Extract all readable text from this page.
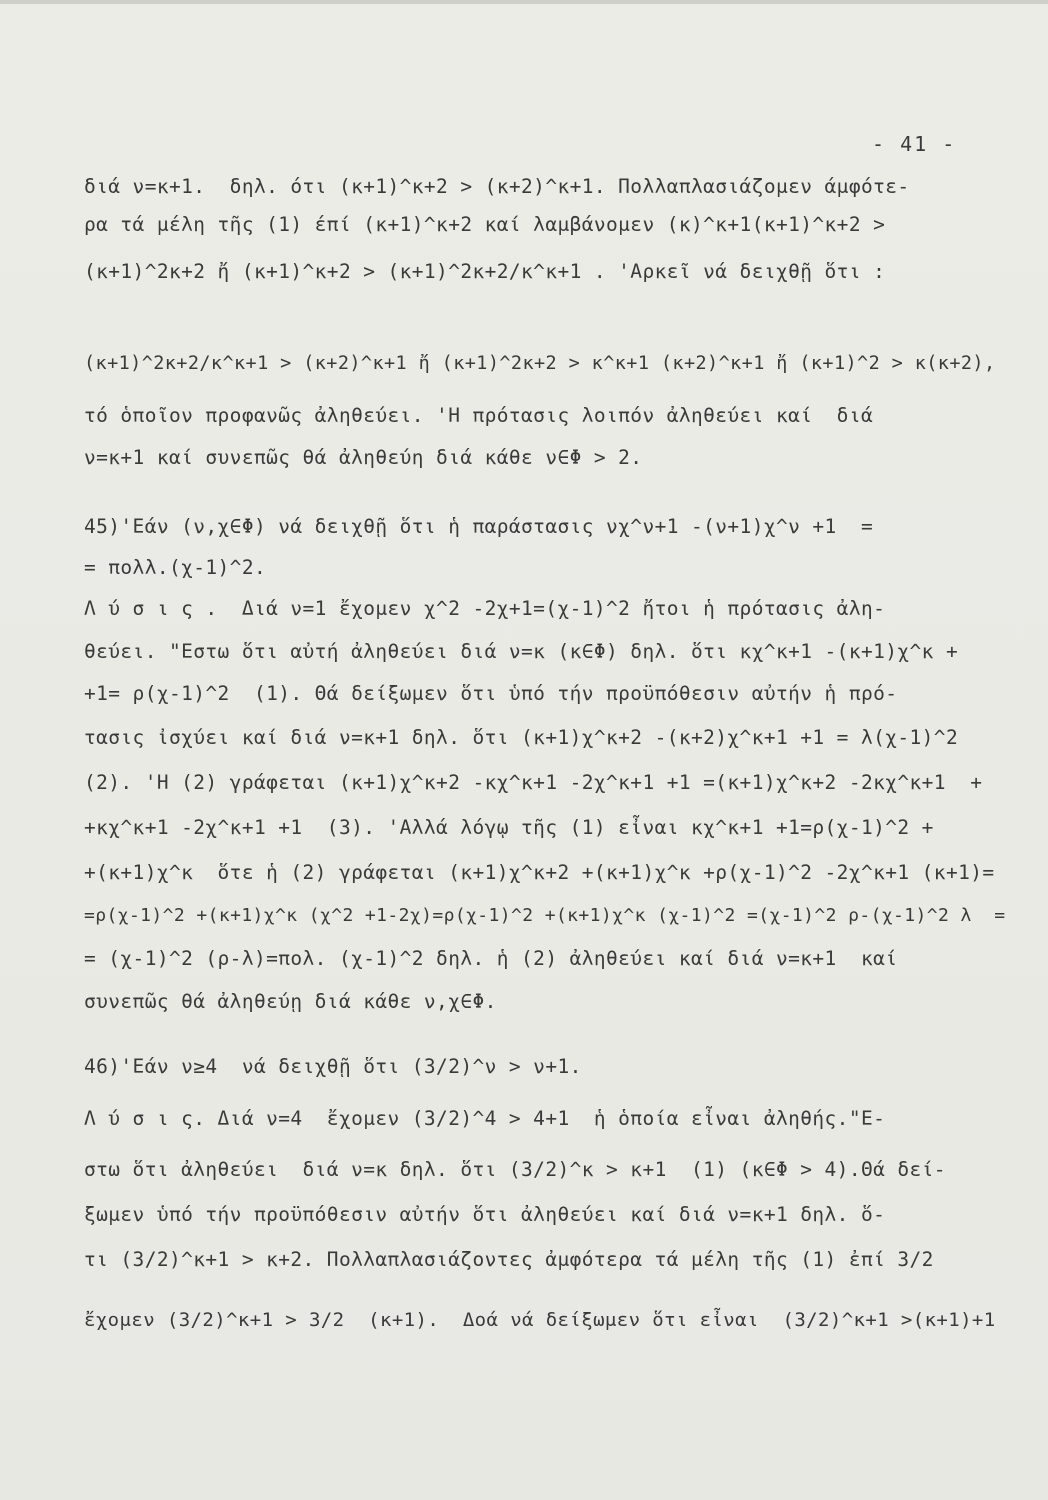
- 41 -
διά ν=κ+1.  δηλ. ότι (κ+1)^κ+2 > (κ+2)^κ+1. Πολλαπλασιάζομεν άμφότε-
ρα τά μέλη τῆς (1) έπί (κ+1)^κ+2 καί λαμβάνομεν (κ)^κ+1(κ+1)^κ+2 >
(κ+1)^2κ+2 ἤ (κ+1)^κ+2 > (κ+1)^2κ+2/κ^κ+1 . 'Αρκεῖ νά δειχθῇ ὅτι :
(κ+1)^2κ+2/κ^κ+1 > (κ+2)^κ+1 ἤ (κ+1)^2κ+2 > κ^κ+1 (κ+2)^κ+1 ἤ (κ+1)^2 > κ(κ+2),
τό ὁποῖον προφανῶς ἀληθεύει. 'Η πρότασις λοιπόν ἀληθεύει καί  διά
ν=κ+1 καί συνεπῶς θά ἀληθεύη διά κάθε ν∈Φ > 2.
45)'Εάν (ν,χ∈Φ) νά δειχθῇ ὅτι ἡ παράστασις νχ^ν+1 -(ν+1)χ^ν +1  =
= πολλ.(χ-1)^2.
Λ ύ σ ι ς .  Διά ν=1 ἔχομεν χ^2 -2χ+1=(χ-1)^2 ἤτοι ἡ πρότασις ἀλη-
θεύει. "Εστω ὅτι αὐτή ἀληθεύει διά ν=κ (κ∈Φ) δηλ. ὅτι κχ^κ+1 -(κ+1)χ^κ +
+1= ρ(χ-1)^2  (1). Θά δείξωμεν ὅτι ὑπό τήν προϋπόθεσιν αὐτήν ἡ πρό-
τασις ἰσχύει καί διά ν=κ+1 δηλ. ὅτι (κ+1)χ^κ+2 -(κ+2)χ^κ+1 +1 = λ(χ-1)^2
(2). 'Η (2) γράφεται (κ+1)χ^κ+2 -κχ^κ+1 -2χ^κ+1 +1 =(κ+1)χ^κ+2 -2κχ^κ+1  +
+κχ^κ+1 -2χ^κ+1 +1  (3). 'Αλλά λόγῳ τῆς (1) εἶναι κχ^κ+1 +1=ρ(χ-1)^2 +
+(κ+1)χ^κ  ὅτε ἡ (2) γράφεται (κ+1)χ^κ+2 +(κ+1)χ^κ +ρ(χ-1)^2 -2χ^κ+1 (κ+1)=
=ρ(χ-1)^2 +(κ+1)χ^κ (χ^2 +1-2χ)=ρ(χ-1)^2 +(κ+1)χ^κ (χ-1)^2 =(χ-1)^2 ρ-(χ-1)^2 λ  =
= (χ-1)^2 (ρ-λ)=πολ. (χ-1)^2 δηλ. ἡ (2) ἀληθεύει καί διά ν=κ+1  καί
συνεπῶς θά ἀληθεύῃ διά κάθε ν,χ∈Φ.
46)'Εάν ν≥4  νά δειχθῇ ὅτι (3/2)^ν > ν+1.
Λ ύ σ ι ς. Διά ν=4  ἔχομεν (3/2)^4 > 4+1  ἡ ὁποία εἶναι ἀληθής."Ε-
στω ὅτι ἀληθεύει  διά ν=κ δηλ. ὅτι (3/2)^κ > κ+1  (1) (κ∈Φ > 4).Θά δεί-
ξωμεν ὑπό τήν προϋπόθεσιν αὐτήν ὅτι ἀληθεύει καί διά ν=κ+1 δηλ. ὅ-
τι (3/2)^κ+1 > κ+2. Πολλαπλασιάζοντες ἀμφότερα τά μέλη τῆς (1) ἐπί 3/2
ἔχομεν (3/2)^κ+1 > 3/2  (κ+1).  Δοά νά δείξωμεν ὅτι εἶναι  (3/2)^κ+1 >(κ+1)+1
